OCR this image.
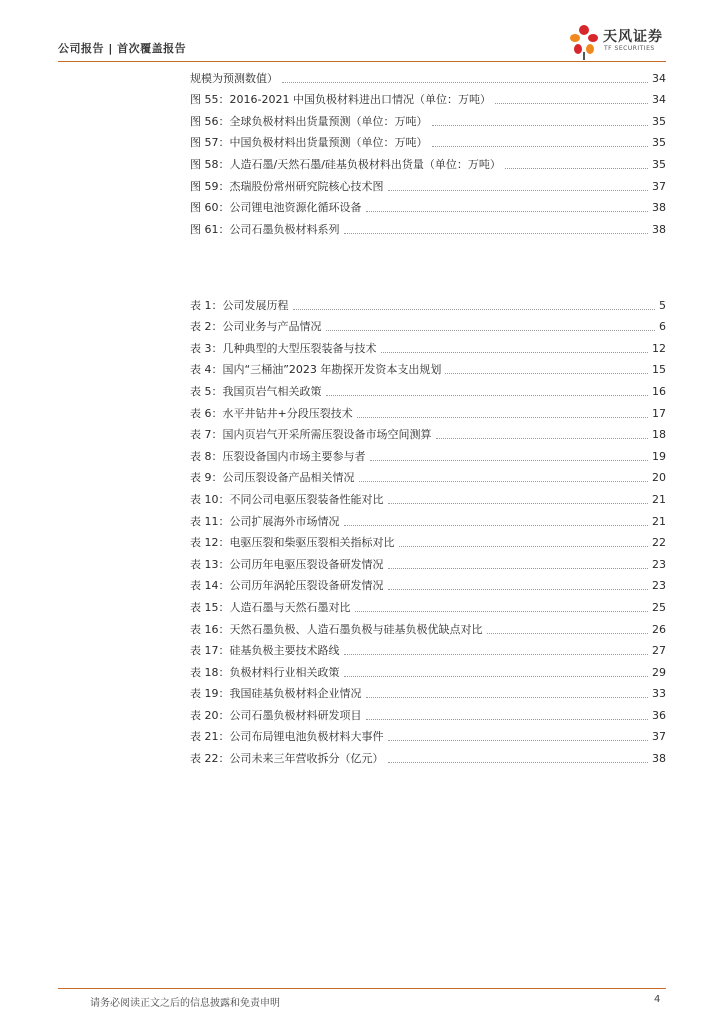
公司报告 | 首次覆盖报告
天风证券
TF SECURITIES
规模为预测数值）	34
图 55：2016-2021 中国负极材料进出口情况（单位：万吨）	34
图 56：全球负极材料出货量预测（单位：万吨）	35
图 57：中国负极材料出货量预测（单位：万吨）	35
图 58：人造石墨/天然石墨/硅基负极材料出货量（单位：万吨）	35
图 59：杰瑞股份常州研究院核心技术图	37
图 60：公司锂电池资源化循环设备	38
图 61：公司石墨负极材料系列	38
表 1：公司发展历程	5
表 2：公司业务与产品情况	6
表 3：几种典型的大型压裂装备与技术	12
表 4：国内“三桶油”2023 年勘探开发资本支出规划	15
表 5：我国页岩气相关政策	16
表 6：水平井钻井+分段压裂技术	17
表 7：国内页岩气开采所需压裂设备市场空间测算	18
表 8：压裂设备国内市场主要参与者	19
表 9：公司压裂设备产品相关情况	20
表 10：不同公司电驱压裂装备性能对比	21
表 11：公司扩展海外市场情况	21
表 12：电驱压裂和柴驱压裂相关指标对比	22
表 13：公司历年电驱压裂设备研发情况	23
表 14：公司历年涡轮压裂设备研发情况	23
表 15：人造石墨与天然石墨对比	25
表 16：天然石墨负极、人造石墨负极与硅基负极优缺点对比	26
表 17：硅基负极主要技术路线	27
表 18：负极材料行业相关政策	29
表 19：我国硅基负极材料企业情况	33
表 20：公司石墨负极材料研发项目	36
表 21：公司布局锂电池负极材料大事件	37
表 22：公司未来三年营收拆分（亿元）	38
请务必阅读正文之后的信息披露和免责申明	4
